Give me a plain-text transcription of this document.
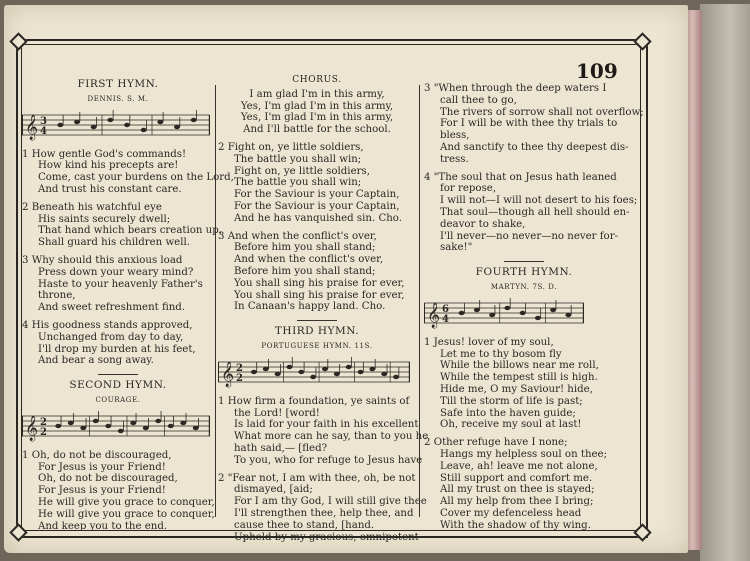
109
FIRST HYMN.
DENNIS. S. M.
𝄞 3
4
1 How gentle God's commands!
How kind his precepts are!
Come, cast your burdens on the Lord,
And trust his constant care.
2 Beneath his watchful eye
His saints securely dwell;
That hand which bears creation up,
Shall guard his children well.
3 Why should this anxious load
Press down your weary mind?
Haste to your heavenly Father's
throne,
And sweet refreshment find.
4 His goodness stands approved,
Unchanged from day to day,
I'll drop my burden at his feet,
And bear a song away.
SECOND HYMN.
COURAGE.
𝄞 2
2
1 Oh, do not be discouraged,
For Jesus is your Friend!
Oh, do not be discouraged,
For Jesus is your Friend!
He will give you grace to conquer,
He will give you grace to conquer,
And keep you to the end.
CHORUS.
I am glad I'm in this army,
Yes, I'm glad I'm in this army,
Yes, I'm glad I'm in this army,
And I'll battle for the school.
2 Fight on, ye little soldiers,
The battle you shall win;
Fight on, ye little soldiers,
The battle you shall win;
For the Saviour is your Captain,
For the Saviour is your Captain,
And he has vanquished sin. Cho.
3 And when the conflict's over,
Before him you shall stand;
And when the conflict's over,
Before him you shall stand;
You shall sing his praise for ever,
You shall sing his praise for ever,
In Canaan's happy land. Cho.
THIRD HYMN.
PORTUGUESE HYMN. 11S.
𝄞 2
2
1 How firm a foundation, ye saints of
the Lord! [word!
Is laid for your faith in his excellent
What more can he say, than to you he
hath said,— [fled?
To you, who for refuge to Jesus have
2 "Fear not, I am with thee, oh, be not
dismayed, [aid;
For I am thy God, I will still give thee
I'll strengthen thee, help thee, and
cause thee to stand, [hand.
Upheld by my gracious, omnipotent
3 "When through the deep waters I
call thee to go,
The rivers of sorrow shall not overflow;
For I will be with thee thy trials to
bless,
And sanctify to thee thy deepest dis-
tress.
4 "The soul that on Jesus hath leaned
for repose,
I will not—I will not desert to his foes;
That soul—though all hell should en-
deavor to shake,
I'll never—no never—no never for-
sake!"
FOURTH HYMN.
MARTYN. 7S. D.
𝄞 6
4
1 Jesus! lover of my soul,
Let me to thy bosom fly
While the billows near me roll,
While the tempest still is high.
Hide me, O my Saviour! hide,
Till the storm of life is past;
Safe into the haven guide;
Oh, receive my soul at last!
2 Other refuge have I none;
Hangs my helpless soul on thee;
Leave, ah! leave me not alone,
Still support and comfort me.
All my trust on thee is stayed;
All my help from thee I bring;
Cover my defenceless head
With the shadow of thy wing.
